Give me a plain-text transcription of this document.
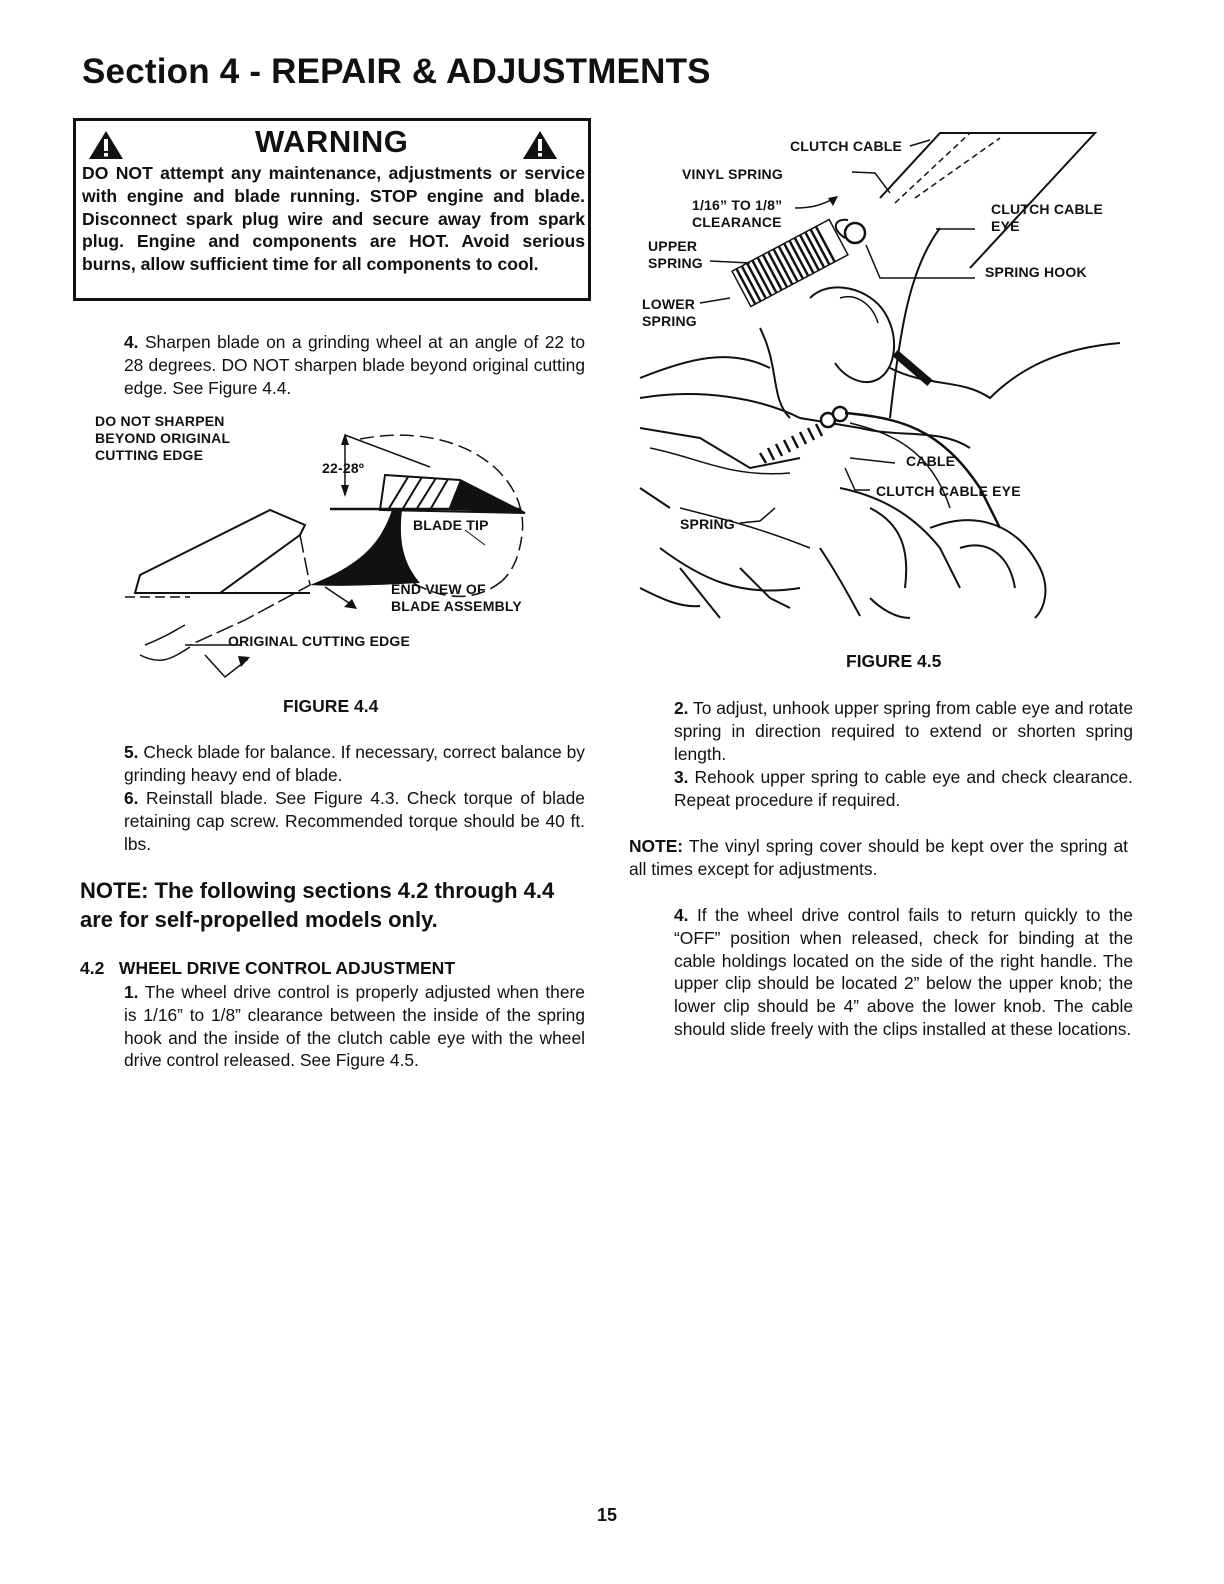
Section 4 - REPAIR & ADJUSTMENTS
WARNING
DO NOT attempt any maintenance, adjustments or service with engine and blade running. STOP engine and blade. Disconnect spark plug wire and secure away from spark plug. Engine and components are HOT. Avoid serious burns, allow sufficient time for all components to cool.
4. Sharpen blade on a grinding wheel at an angle of 22 to 28 degrees. DO NOT sharpen blade beyond original cutting edge. See Figure 4.4.
DO NOT SHARPEN
BEYOND ORIGINAL
CUTTING EDGE
22-28º
BLADE TIP
END VIEW OF
BLADE ASSEMBLY
ORIGINAL CUTTING EDGE
FIGURE 4.4
5. Check blade for balance. If necessary, correct balance by grinding heavy end of blade.
6. Reinstall blade. See Figure 4.3. Check torque of blade retaining cap screw. Recommended torque should be 40 ft. lbs.
NOTE: The following sections 4.2 through 4.4 are for self-propelled models only.
4.2 WHEEL DRIVE CONTROL ADJUSTMENT
1. The wheel drive control is properly adjusted when there is 1/16” to 1/8” clearance between the inside of the spring hook and the inside of the clutch cable eye with the wheel drive control released. See Figure 4.5.
CLUTCH CABLE
VINYL SPRING
1/16” TO 1/8”
CLEARANCE
CLUTCH CABLE
EYE
UPPER
SPRING
SPRING HOOK
LOWER
SPRING
CABLE
CLUTCH CABLE EYE
SPRING
FIGURE 4.5
2. To adjust, unhook upper spring from cable eye and rotate spring in direction required to extend or shorten spring length.
3. Rehook upper spring to cable eye and check clearance. Repeat procedure if required.
NOTE: The vinyl spring cover should be kept over the spring at all times except for adjustments.
4. If the wheel drive control fails to return quickly to the “OFF” position when released, check for binding at the cable holdings located on the side of the right handle. The upper clip should be located 2” below the upper knob; the lower clip should be 4” above the lower knob. The cable should slide freely with the clips installed at these locations.
15
